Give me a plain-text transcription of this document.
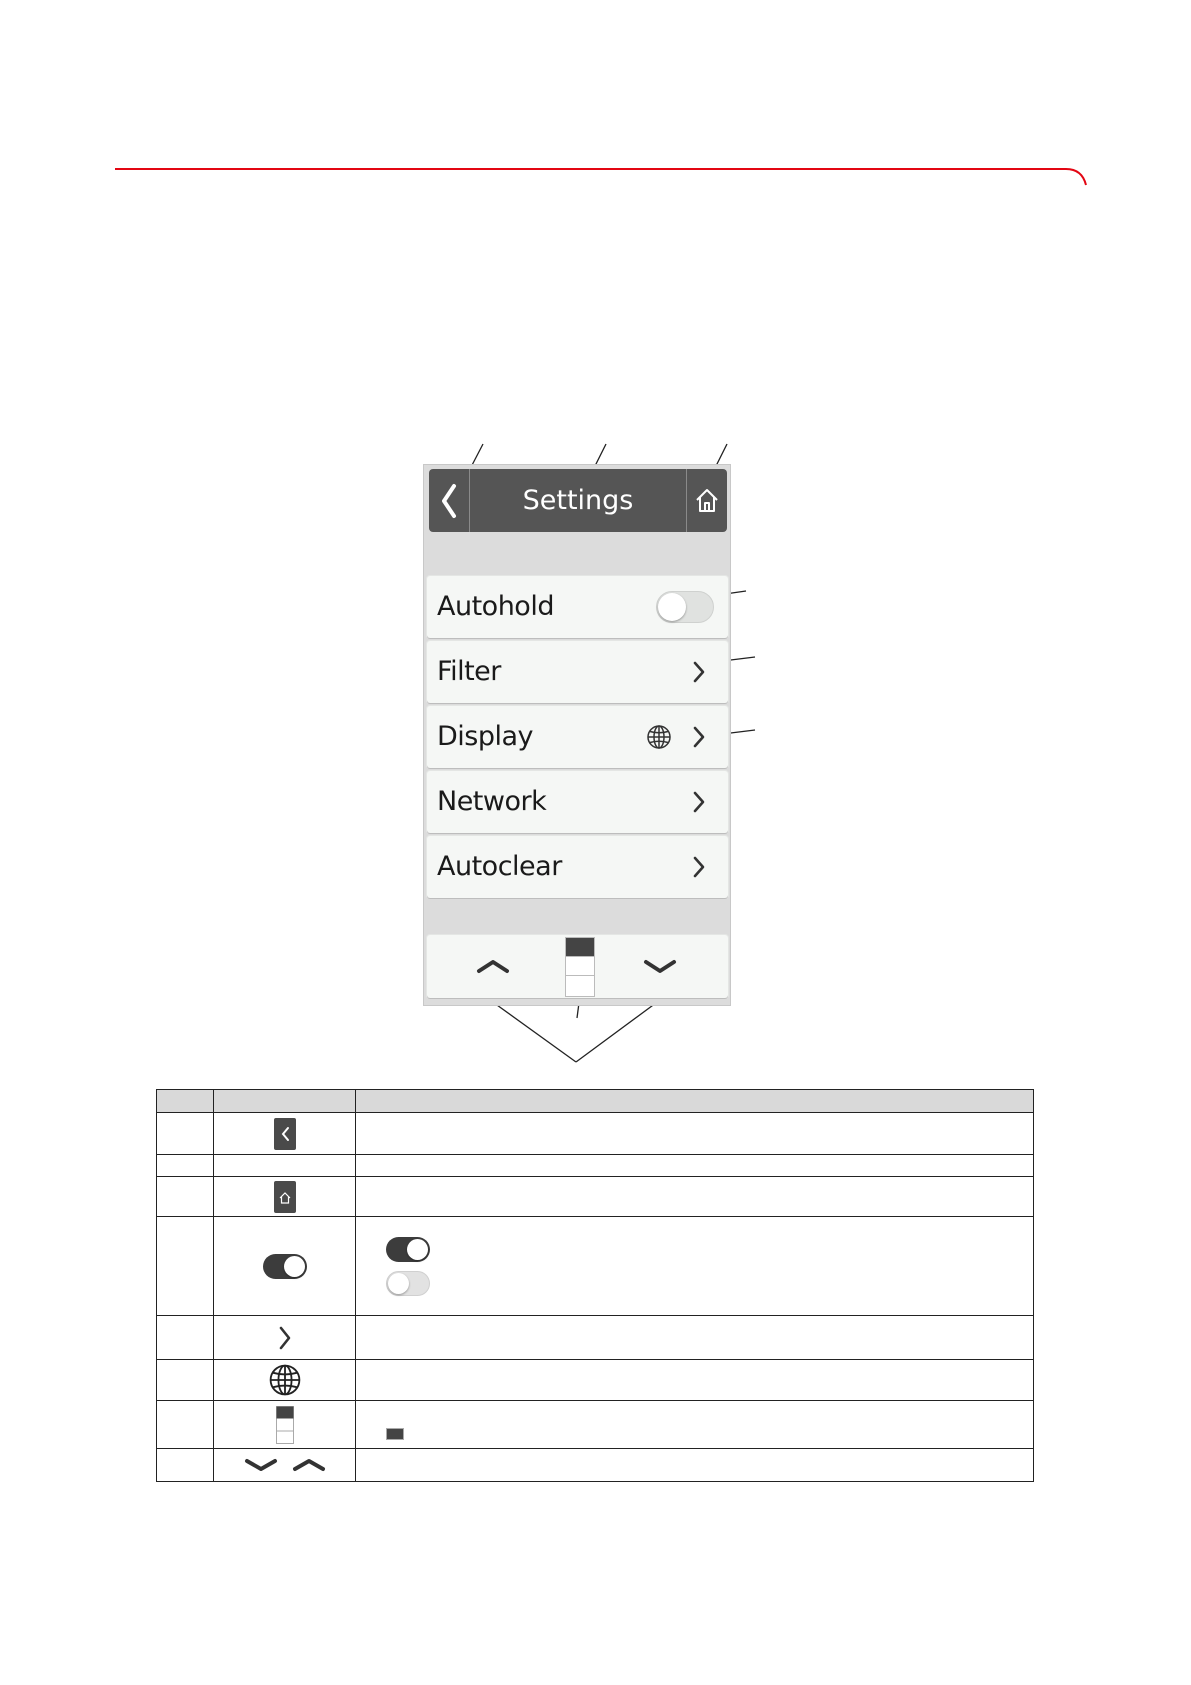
Settings
Autohold
Filter
Display
Network
Autoclear
